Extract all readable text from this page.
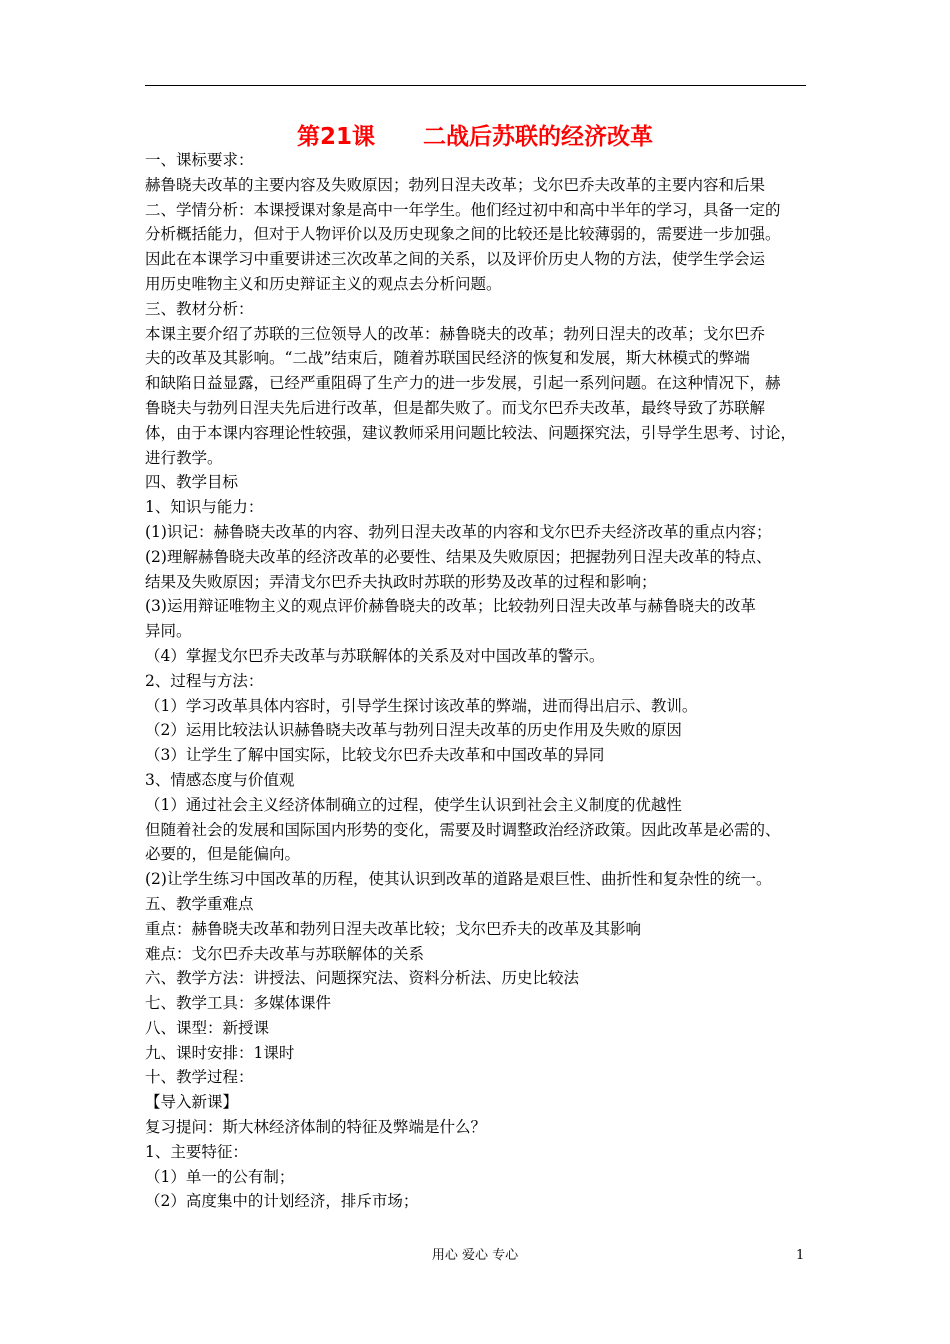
第21课 二战后苏联的经济改革
一、课标要求：
赫鲁晓夫改革的主要内容及失败原因；勃列日涅夫改革；戈尔巴乔夫改革的主要内容和后果
二、学情分析：本课授课对象是高中一年学生。他们经过初中和高中半年的学习，具备一定的
分析概括能力，但对于人物评价以及历史现象之间的比较还是比较薄弱的，需要进一步加强。
因此在本课学习中重要讲述三次改革之间的关系，以及评价历史人物的方法，使学生学会运
用历史唯物主义和历史辩证主义的观点去分析问题。
三、教材分析：
本课主要介绍了苏联的三位领导人的改革：赫鲁晓夫的改革；勃列日涅夫的改革；戈尔巴乔
夫的改革及其影响。“二战”结束后，随着苏联国民经济的恢复和发展，斯大林模式的弊端
和缺陷日益显露，已经严重阻碍了生产力的进一步发展，引起一系列问题。在这种情况下，赫
鲁晓夫与勃列日涅夫先后进行改革，但是都失败了。而戈尔巴乔夫改革，最终导致了苏联解
体，由于本课内容理论性较强，建议教师采用问题比较法、问题探究法，引导学生思考、讨论，
进行教学。
四、教学目标
1、知识与能力：
(1)识记：赫鲁晓夫改革的内容、勃列日涅夫改革的内容和戈尔巴乔夫经济改革的重点内容；
(2)理解赫鲁晓夫改革的经济改革的必要性、结果及失败原因；把握勃列日涅夫改革的特点、
结果及失败原因；弄清戈尔巴乔夫执政时苏联的形势及改革的过程和影响；
(3)运用辩证唯物主义的观点评价赫鲁晓夫的改革；比较勃列日涅夫改革与赫鲁晓夫的改革
异同。
（4）掌握戈尔巴乔夫改革与苏联解体的关系及对中国改革的警示。
2、过程与方法：
（1）学习改革具体内容时，引导学生探讨该改革的弊端，进而得出启示、教训。
（2）运用比较法认识赫鲁晓夫改革与勃列日涅夫改革的历史作用及失败的原因
（3）让学生了解中国实际，比较戈尔巴乔夫改革和中国改革的异同
3、情感态度与价值观
（1）通过社会主义经济体制确立的过程，使学生认识到社会主义制度的优越性
但随着社会的发展和国际国内形势的变化，需要及时调整政治经济政策。因此改革是必需的、
必要的，但是能偏向。
(2)让学生练习中国改革的历程，使其认识到改革的道路是艰巨性、曲折性和复杂性的统一。
五、教学重难点
重点：赫鲁晓夫改革和勃列日涅夫改革比较；戈尔巴乔夫的改革及其影响
难点：戈尔巴乔夫改革与苏联解体的关系
六、教学方法：讲授法、问题探究法、资料分析法、历史比较法
七、教学工具：多媒体课件
八、课型：新授课
九、课时安排：1课时
十、教学过程：
【导入新课】
复习提问：斯大林经济体制的特征及弊端是什么？
1、主要特征：
（1）单一的公有制；
（2）高度集中的计划经济，排斥市场；
用心 爱心 专心	1
